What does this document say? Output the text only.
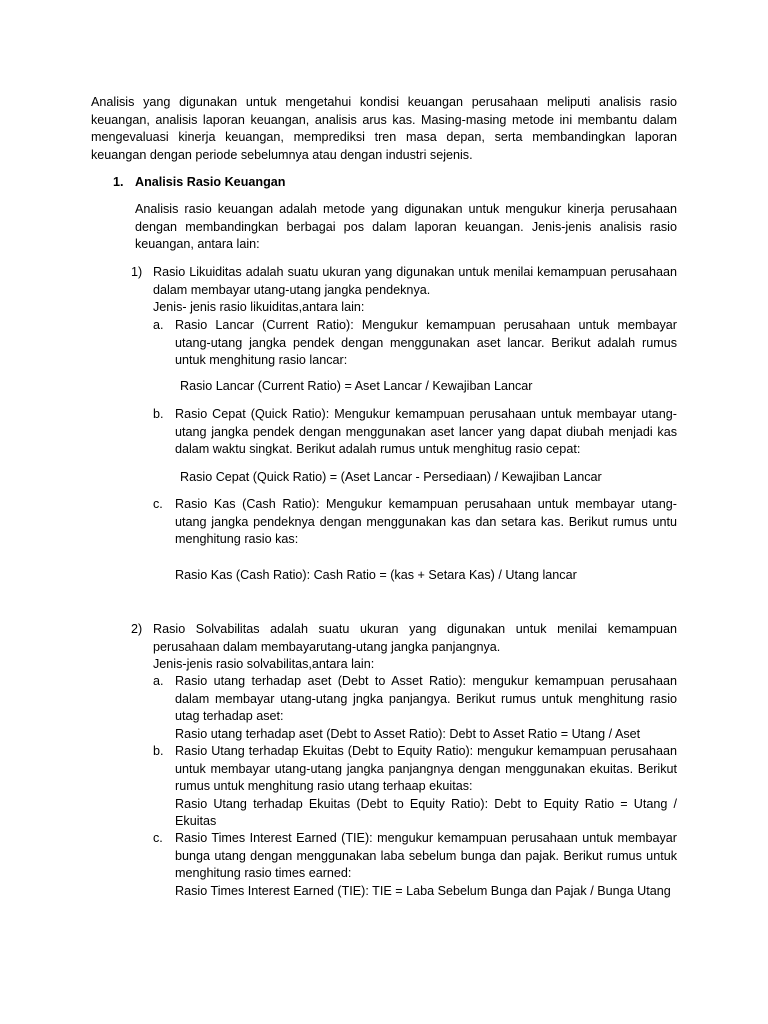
Analisis yang digunakan untuk mengetahui kondisi keuangan perusahaan meliputi analisis rasio keuangan, analisis laporan keuangan, analisis arus kas. Masing-masing metode ini membantu dalam mengevaluasi kinerja keuangan, memprediksi tren masa depan, serta membandingkan laporan keuangan dengan periode sebelumnya atau dengan industri sejenis.

1. Analisis Rasio Keuangan

Analisis rasio keuangan adalah metode yang digunakan untuk mengukur kinerja perusahaan dengan membandingkan berbagai pos dalam laporan keuangan. Jenis-jenis analisis rasio keuangan, antara lain:

1) Rasio Likuiditas adalah suatu ukuran yang digunakan untuk menilai kemampuan perusahaan dalam membayar utang-utang jangka pendeknya.

Jenis- jenis rasio likuiditas,antara lain:
a. Rasio Lancar (Current Ratio): Mengukur kemampuan perusahaan untuk membayar utang-utang jangka pendek dengan menggunakan aset lancar. Berikut adalah rumus untuk menghitung rasio lancar:

Rasio Lancar (Current Ratio) = Aset Lancar / Kewajiban Lancar
b. Rasio Cepat (Quick Ratio): Mengukur kemampuan perusahaan untuk membayar utang-utang jangka pendek dengan menggunakan aset lancer yang dapat diubah menjadi kas dalam waktu singkat. Berikut adalah rumus untuk menghitug rasio cepat:

Rasio Cepat (Quick Ratio) = (Aset Lancar - Persediaan) / Kewajiban Lancar
c. Rasio Kas (Cash Ratio): Mengukur kemampuan perusahaan untuk membayar utang-utang jangka pendeknya dengan menggunakan kas dan setara kas. Berikut rumus untu menghitung rasio kas:

Rasio Kas (Cash Ratio): Cash Ratio = (kas + Setara Kas) / Utang lancar
2) Rasio Solvabilitas adalah suatu ukuran yang digunakan untuk menilai kemampuan perusahaan dalam membayarutang-utang jangka panjangnya.

Jenis-jenis rasio solvabilitas,antara lain:
a. Rasio utang terhadap aset (Debt to Asset Ratio): mengukur kemampuan perusahaan dalam membayar utang-utang jngka panjangya. Berikut rumus untuk menghitung rasio utag terhadap aset:
Rasio utang terhadap aset (Debt to Asset Ratio): Debt to Asset Ratio = Utang / Aset
b. Rasio Utang terhadap Ekuitas (Debt to Equity Ratio): mengukur kemampuan perusahaan untuk membayar utang-utang jangka panjangnya dengan menggunakan ekuitas. Berikut rumus untuk menghitung rasio utang terhaap ekuitas:
Rasio Utang terhadap Ekuitas (Debt to Equity Ratio): Debt to Equity Ratio = Utang / Ekuitas
c. Rasio Times Interest Earned (TIE): mengukur kemampuan perusahaan untuk membayar bunga utang dengan menggunakan laba sebelum bunga dan pajak. Berikut rumus untuk menghitung rasio times earned:
Rasio Times Interest Earned (TIE): TIE = Laba Sebelum Bunga dan Pajak / Bunga Utang
